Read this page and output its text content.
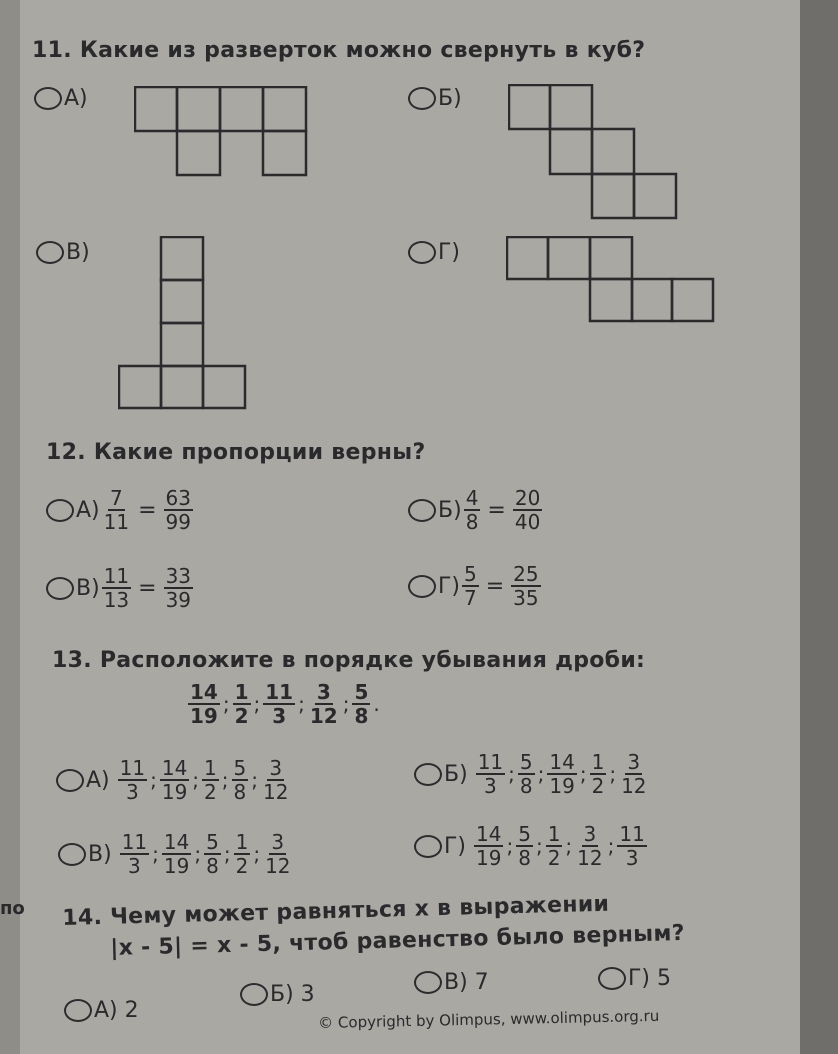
11. Какие из разверток можно свернуть в куб?
А)	Б)
В)	Г)
12. Какие пропорции верны?
$А) \frac{7}{11} = \frac{63}{99}$	$Б) \frac{4}{8} = \frac{20}{40}$
$В) \frac{11}{13} = \frac{33}{39}$	$Г) \frac{5}{7} = \frac{25}{35}$
13. Расположите в порядке убывания дроби:
$\frac{14}{19}$ ; $\frac{1}{2}$ ; $\frac{11}{3}$ ; $\frac{3}{12}$ ; $\frac{5}{8}$ .
$А) \frac{11}{3}$ ; $\frac{14}{19}$ ; $\frac{1}{2}$ ; $\frac{5}{8}$ ; $\frac{3}{12}$	$Б) \frac{11}{3}$ ; $\frac{5}{8}$ ; $\frac{14}{19}$ ; $\frac{1}{2}$ ; $\frac{3}{12}$
$В) \frac{11}{3}$ ; $\frac{14}{19}$ ; $\frac{5}{8}$ ; $\frac{1}{2}$ ; $\frac{3}{12}$	$Г) \frac{14}{19}$ ; $\frac{5}{8}$ ; $\frac{1}{2}$ ; $\frac{3}{12}$ ; $\frac{11}{3}$
по 14. Чему может равняться x в выражении
|x - 5| = x - 5, чтоб равенство было верным?
А) 2
Б) 3	В) 7	Г) 5
© Copyright by Olimpus, www.olimpus.org.ru
